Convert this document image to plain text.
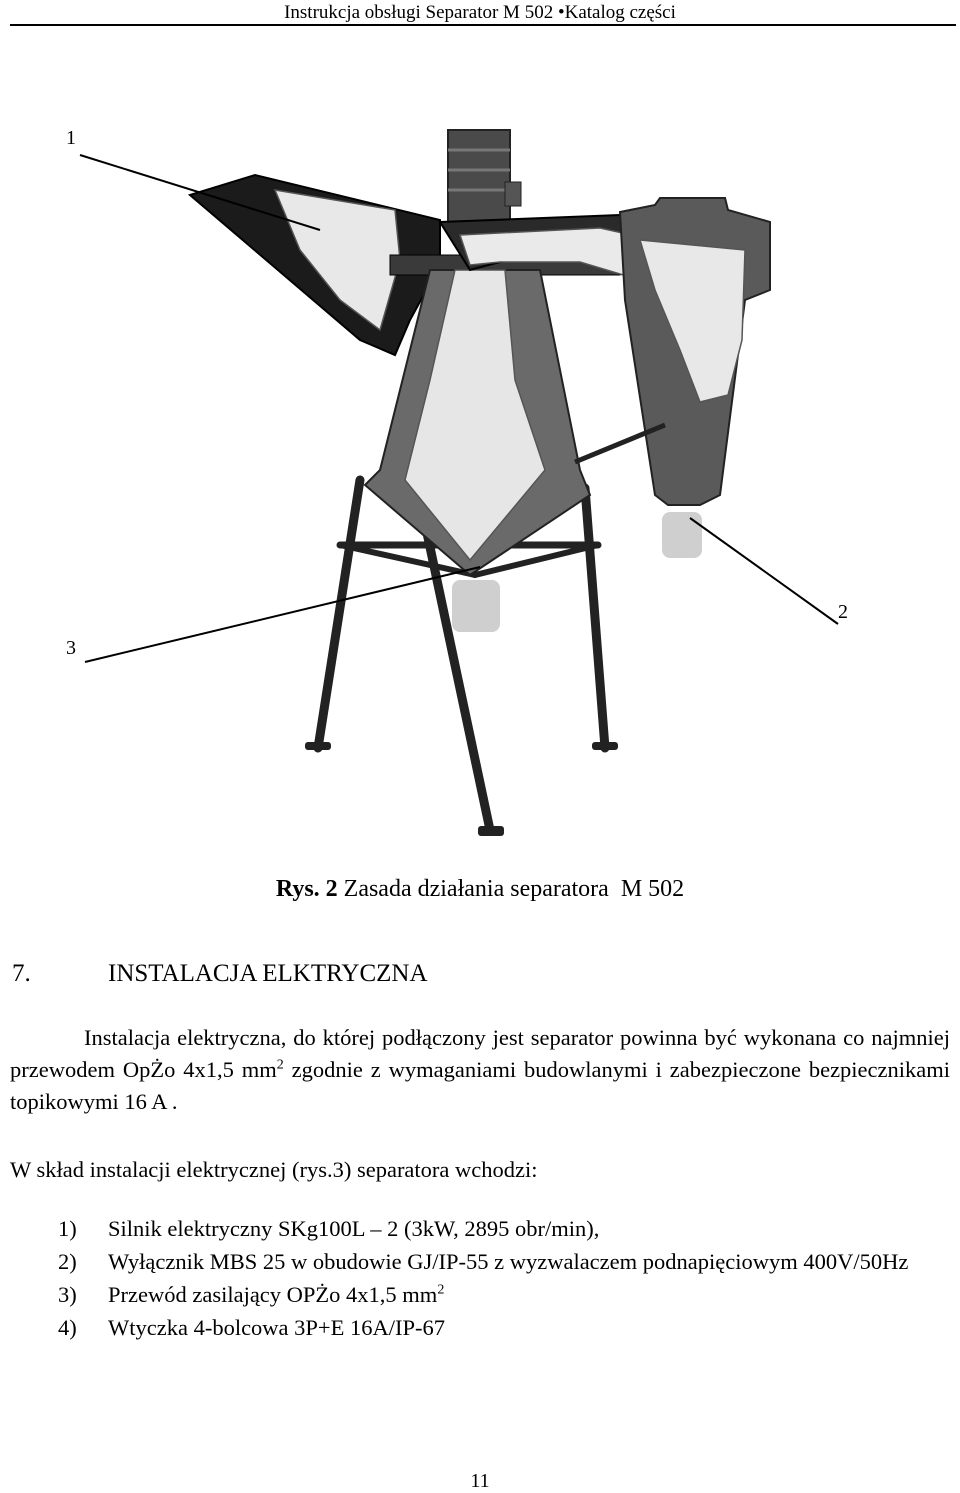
Instrukcja obsługi Separator M 502 •Katalog części
1
2
3
Rys. 2 Zasada działania separatora  M 502
7.	INSTALACJA ELKTRYCZNA
Instalacja elektryczna, do której podłączony jest separator powinna być wykonana co najmniej przewodem OpŻo 4x1,5 $mm^2$ zgodnie z wymaganiami budowlanymi i zabezpieczone bezpiecznikami topikowymi 16 A .
W skład instalacji elektrycznej (rys.3) separatora wchodzi:
1) Silnik elektryczny SKg100L – 2 (3kW, 2895 obr/min),
2) Wyłącznik MBS 25 w obudowie GJ/IP-55 z wyzwalaczem podnapięciowym 400V/50Hz
3) Przewód zasilający OPŻo 4x1,5 $mm^2$
4) Wtyczka 4-bolcowa 3P+E 16A/IP-67
11
